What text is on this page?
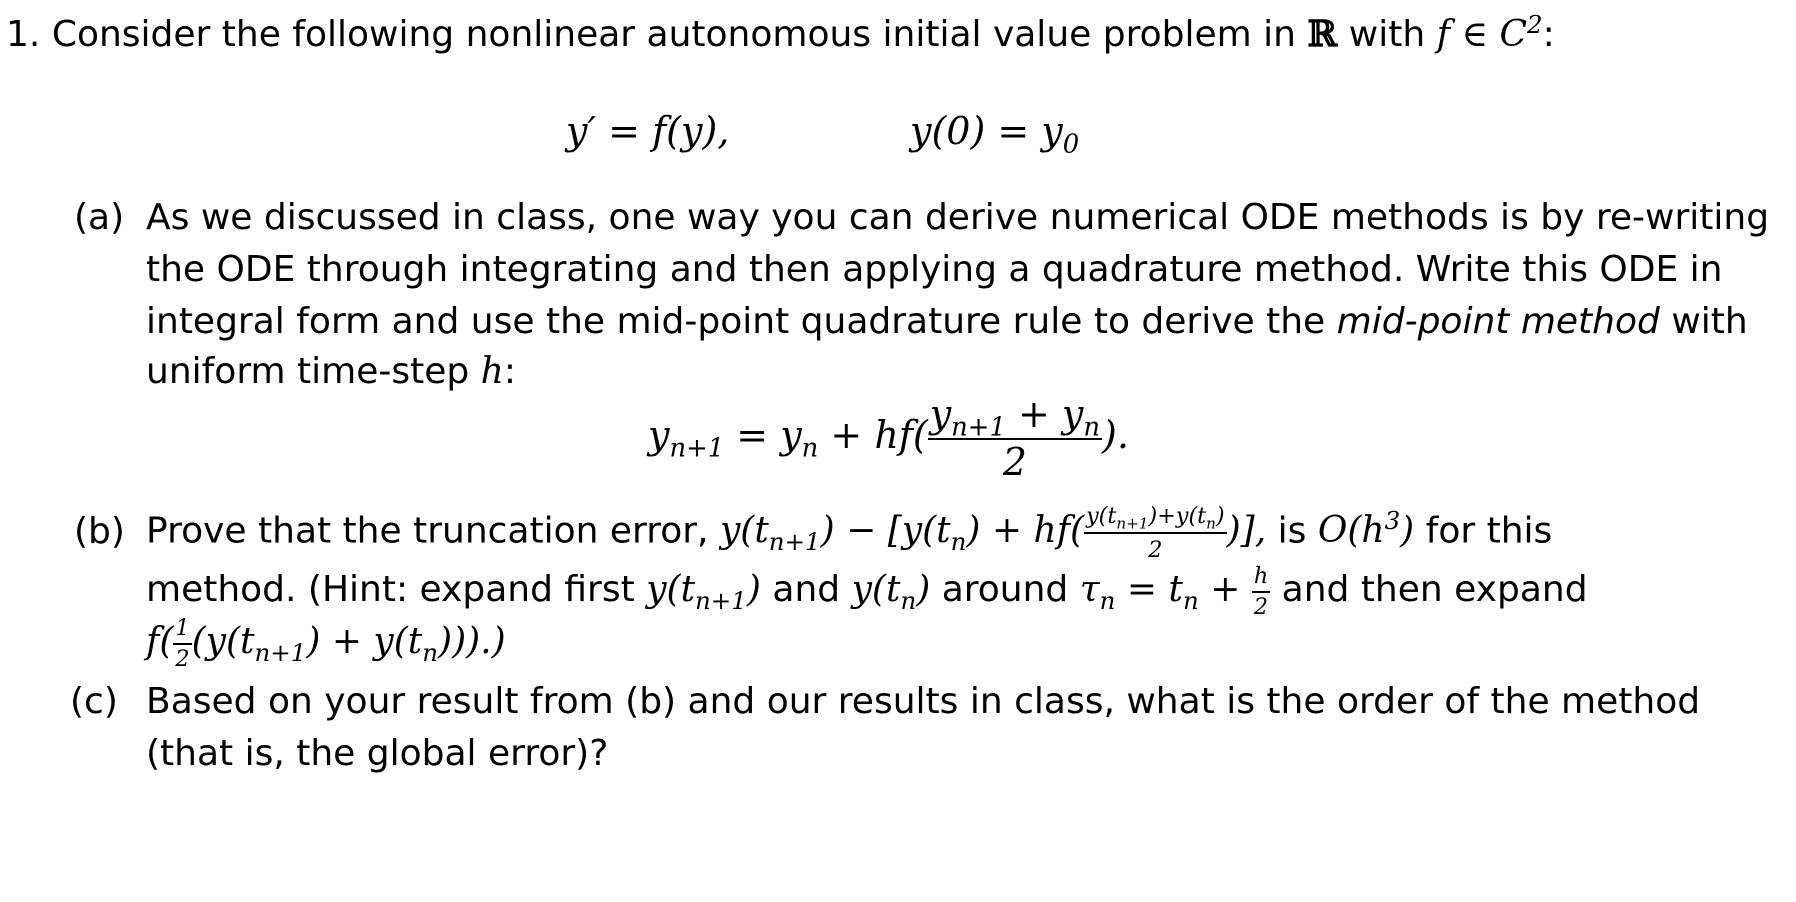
1. Consider the following nonlinear autonomous initial value problem in ℝ with f ∈ $C^2$:
y′ = f(y),	$y(0) = y_0$
(a) As we discussed in class, one way you can derive numerical ODE methods is by re-writing
the ODE through integrating and then applying a quadrature method. Write this ODE in
integral form and use the mid-point quadrature rule to derive the mid-point method with
uniform time-step h:
$y_{n+1} = y_n + hf( \frac{y_{n+1} + y_n}{2}$ ).
(b) Prove that the truncation error, $y(t_{n+1}) - [y(t_n) + hf( \frac{y(t_{n+1})+y(t_n)}{2}$ )], is $O(h^3)$ for this
method. (Hint: expand first $y(t_{n+1})$ and $y(t_n)$ around $\tau_n = t_n + \frac{h}{2}$ and then expand
$f( \frac{1}{2} (y(t_{n+1}) + y(t_n)))$.)
(c) Based on your result from (b) and our results in class, what is the order of the method
(that is, the global error)?
